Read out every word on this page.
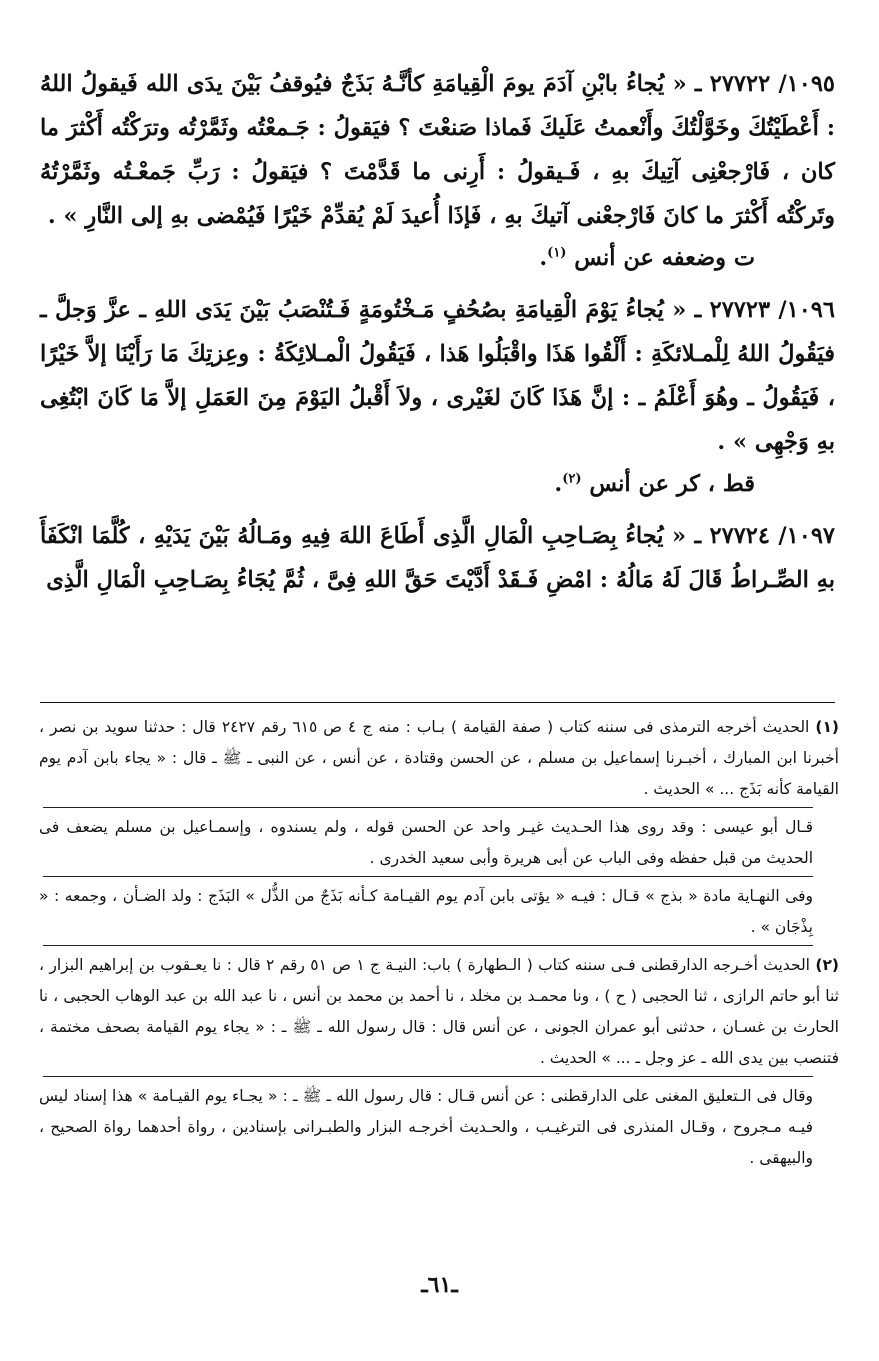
١٠٩٥/ ٢٧٧٢٢ ـ « يُجاءُ بابْنِ آدَمَ يومَ الْقِيامَةِ كأنَّـهُ بَذَجٌ فيُوقفُ بَيْنَ يدَى الله فَيقولُ اللهُ : أَعْطَيْتُكَ وخَوَّلْتُكَ وأَنْعمتُ عَلَيكَ فَماذا صَنعْتَ ؟ فيَقولُ : جَـمعْتُه وثَمَّرْتُه وترَكْتُه أَكْثرَ ما كان ، فَارْجعْنِى آتِيكَ بهِ ، فَـيقولُ : أَرِنى ما قَدَّمْتَ ؟ فيَقولُ : رَبِّ جَمعْـتُه وثَمَّرْتُهُ وتَركْتُه أَكْثرَ ما كانَ فَارْجعْنى آتيكَ بهِ ، فَإذَا أُعيدَ لَمْ يُقدِّمْ خَيْرًا فَيُمْضى بهِ إلى النَّارِ » .

ت وضعفه عن أنس $^{(١)}$.

١٠٩٦/ ٢٧٧٢٣ ـ « يُجاءُ يَوْمَ الْقِيامَةِ بصُحُفٍ مَـخْتُومَةٍ فَـتُنْصَبُ بَيْنَ يَدَى اللهِ ـ عزَّ وَجلَّ ـ فيَقُولُ اللهُ لِلْمـلائكَةِ : أَلْقُوا هَذَا واقْبَلُوا هَذا ، فَيَقُولُ الْمـلائِكَةُ : وعِزتِكَ مَا رَأَيْنَا إلاَّ خَيْرًا ، فَيَقُولُ ـ وهُوَ أَعْلَمُ ـ : إنَّ هَذَا كَانَ لغَيْرى ، ولاَ أَقْبلُ اليَوْمَ مِنَ العَمَلِ إلاَّ مَا كَانَ ابْتُغِى بهِ وَجْهِى » .

قط ، كر عن أنس $^{(٢)}$.

١٠٩٧/ ٢٧٧٢٤ ـ « يُجاءُ بِصَـاحِبِ الْمَالِ الَّذِى أَطَاعَ اللهَ فِيهِ ومَـالُهُ بَيْنَ يَدَيْهِ ، كُلَّمَا انْكَفَأَ بهِ الصِّـراطُ قَالَ لَهُ مَالُهُ : امْضِ فَـقَدْ أَدَّيْتَ حَقَّ اللهِ فِىَّ ، ثُمَّ يُجَاءُ بِصَـاحِبِ الْمَالِ الَّذِى

(١) الحديث أخرجه الترمذى فى سننه كتاب ( صفة القيامة ) بـاب : منه ج ٤ ص ٦١٥ رقم ٢٤٢٧ قال : حدثنا سويد بن نصر ، أخبرنا ابن المبارك ، أخبـرنا إسماعيل بن مسلم ، عن الحسن وقتادة ، عن أنس ، عن النبى ـ ﷺ ـ قال : « يجاء بابن آدم يوم القيامة كأنه بَذَج ... » الحديث .

قـال أبو عيسى : وقد روى هذا الحـديث غيـر واحد عن الحسن قوله ، ولم يسندوه ، وإسمـاعيل بن مسلم يضعف فى الحديث من قبل حفظه وفى الباب عن أبى هريرة وأبى سعيد الخدرى .

وفى النهـاية مادة « بذج » قـال : فيـه « يؤتى بابن آدم يوم القيـامة كـأنه بَذَجٌ من الذُّل » البَذَج : ولد الضـأن ، وجمعه : « بِذْجَان » .

(٢) الحديث أخـرجه الدارقطنى فـى سننه كتاب ( الـطهارة ) باب: النيـة ج ١ ص ٥١ رقم ٢ قال : نا يعـقوب بن إبراهيم البزار ، ثنا أبو حاتم الرازى ، ثنا الحجبى ( ح ) ، ونا محمـد بن مخلد ، نا أحمد بن محمد بن أنس ، نا عبد الله بن عبد الوهاب الحجبى ، نا الحارث بن غسـان ، حدثنى أبو عمران الجونى ، عن أنس قال : قال رسول الله ـ ﷺ ـ : « يجاء يوم القيامة بصحف مختمة ، فتنصب بين يدى الله ـ عز وجل ـ ... » الحديث .

وقال فى الـتعليق المغنى على الدارقطنى : عن أنس قـال : قال رسول الله ـ ﷺ ـ : « يجـاء يوم القيـامة » هذا إسناد ليس فيـه مـجروح ، وقـال المنذرى فى الترغيـب ، والحـديث أخرجـه البزار والطبـرانى بإسنادين ، رواة أحدهما رواة الصحيح ، والبيهقى .

ـ٦١ـ
